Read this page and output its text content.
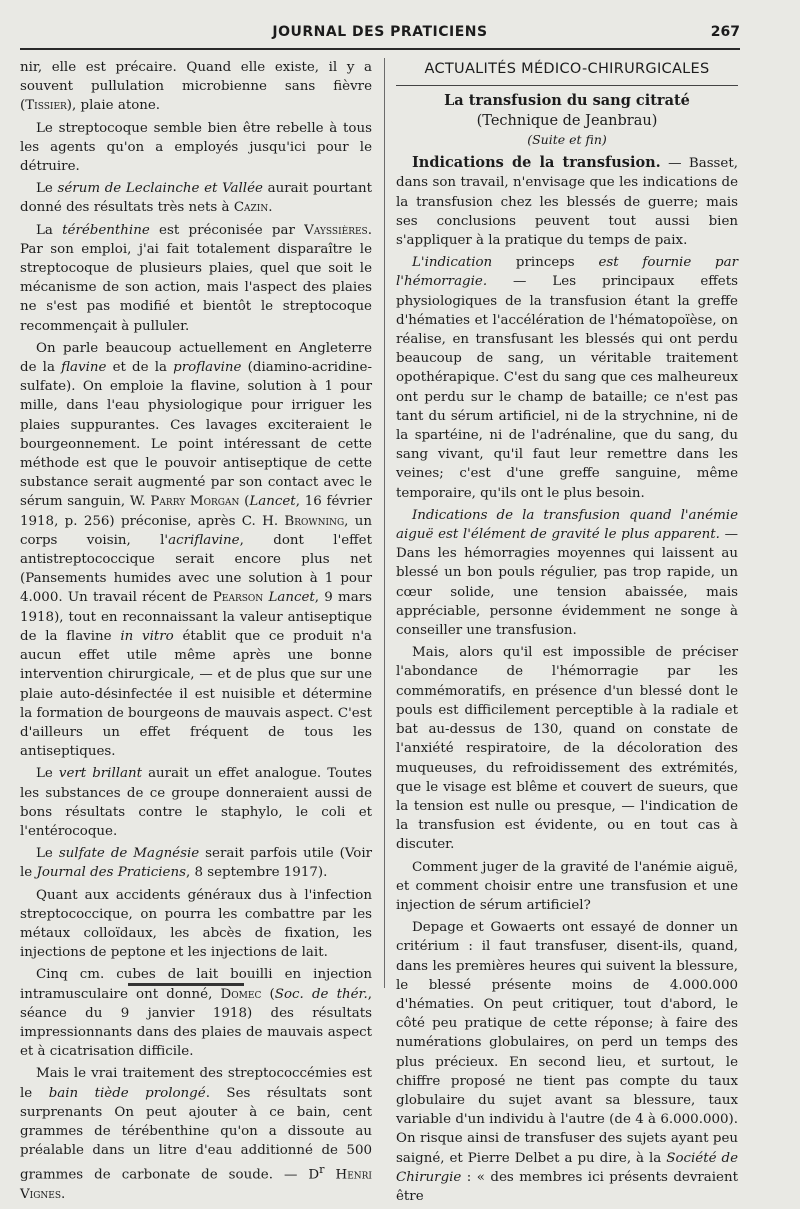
JOURNAL DES PRATICIENS	267

nir, elle est précaire. Quand elle existe, il y a souvent pullulation microbienne sans fièvre (Tissier), plaie atone.

Le streptocoque semble bien être rebelle à tous les agents qu'on a employés jusqu'ici pour le détruire.

Le sérum de Leclainche et Vallée aurait pourtant donné des résultats très nets à Cazin.

La térébenthine est préconisée par Vayssières. Par son emploi, j'ai fait totalement disparaître le streptocoque de plusieurs plaies, quel que soit le mécanisme de son action, mais l'aspect des plaies ne s'est pas modifié et bientôt le streptocoque recommençait à pulluler.

On parle beaucoup actuellement en Angleterre de la flavine et de la proflavine (diamino-acridine-sulfate). On emploie la flavine, solution à 1 pour mille, dans l'eau physiologique pour irriguer les plaies suppurantes. Ces lavages exciteraient le bourgeonnement. Le point intéressant de cette méthode est que le pouvoir antiseptique de cette substance serait augmenté par son contact avec le sérum sanguin, W. Parry Morgan (Lancet, 16 février 1918, p. 256) préconise, après C. H. Browning, un corps voisin, l'acriflavine, dont l'effet antistreptococcique serait encore plus net (Pansements humides avec une solution à 1 pour 4.000. Un travail récent de Pearson Lancet, 9 mars 1918), tout en reconnaissant la valeur antiseptique de la flavine in vitro établit que ce produit n'a aucun effet utile même après une bonne intervention chirurgicale, — et de plus que sur une plaie auto-désinfectée il est nuisible et détermine la formation de bourgeons de mauvais aspect. C'est d'ailleurs un effet fréquent de tous les antiseptiques.

Le vert brillant aurait un effet analogue. Toutes les substances de ce groupe donneraient aussi de bons résultats contre le staphylo, le coli et l'entérocoque.

Le sulfate de Magnésie serait parfois utile (Voir le Journal des Praticiens, 8 septembre 1917).

Quant aux accidents généraux dus à l'infection streptococcique, on pourra les combattre par les métaux colloïdaux, les abcès de fixation, les injections de peptone et les injections de lait.

Cinq cm. cubes de lait bouilli en injection intramusculaire ont donné, Domec (Soc. de thér., séance du 9 janvier 1918) des résultats impressionnants dans des plaies de mauvais aspect et à cicatrisation difficile.

Mais le vrai traitement des streptococcémies est le bain tiède prolongé. Ses résultats sont surprenants On peut ajouter à ce bain, cent grammes de térébenthine qu'on a dissoute au préalable dans un litre d'eau additionné de 500 grammes de carbonate de soude. — $D^r$ Henri Vignes.

ACTUALITÉS MÉDICO-CHIRURGICALES
La transfusion du sang citraté
(Technique de Jeanbrau)
(Suite et fin)

Indications de la transfusion. — Basset, dans son travail, n'envisage que les indications de la transfusion chez les blessés de guerre; mais ses conclusions peuvent tout aussi bien s'appliquer à la pratique du temps de paix.

L'indication princeps est fournie par l'hémorragie. — Les principaux effets physiologiques de la transfusion étant la greffe d'hématies et l'accélération de l'hématopoïèse, on réalise, en transfusant les blessés qui ont perdu beaucoup de sang, un véritable traitement opothérapique. C'est du sang que ces malheureux ont perdu sur le champ de bataille; ce n'est pas tant du sérum artificiel, ni de la strychnine, ni de la spartéine, ni de l'adrénaline, que du sang, du sang vivant, qu'il faut leur remettre dans les veines; c'est d'une greffe sanguine, même temporaire, qu'ils ont le plus besoin.

Indications de la transfusion quand l'anémie aiguë est l'élément de gravité le plus apparent. — Dans les hémorragies moyennes qui laissent au blessé un bon pouls régulier, pas trop rapide, un cœur solide, une tension abaissée, mais appréciable, personne évidemment ne songe à conseiller une transfusion.

Mais, alors qu'il est impossible de préciser l'abondance de l'hémorragie par les commémoratifs, en présence d'un blessé dont le pouls est difficilement perceptible à la radiale et bat au-dessus de 130, quand on constate de l'anxiété respiratoire, de la décoloration des muqueuses, du refroidissement des extrémités, que le visage est blême et couvert de sueurs, que la tension est nulle ou presque, — l'indication de la transfusion est évidente, ou en tout cas à discuter.

Comment juger de la gravité de l'anémie aiguë, et comment choisir entre une transfusion et une injection de sérum artificiel?

Depage et Gowaerts ont essayé de donner un critérium : il faut transfuser, disent-ils, quand, dans les premières heures qui suivent la blessure, le blessé présente moins de 4.000.000 d'hématies. On peut critiquer, tout d'abord, le côté peu pratique de cette réponse; à faire des numérations globulaires, on perd un temps des plus précieux. En second lieu, et surtout, le chiffre proposé ne tient pas compte du taux globulaire du sujet avant sa blessure, taux variable d'un individu à l'autre (de 4 à 6.000.000). On risque ainsi de transfuser des sujets ayant peu saigné, et Pierre Delbet a pu dire, à la Société de Chirurgie : « des membres ici présents devraient être
